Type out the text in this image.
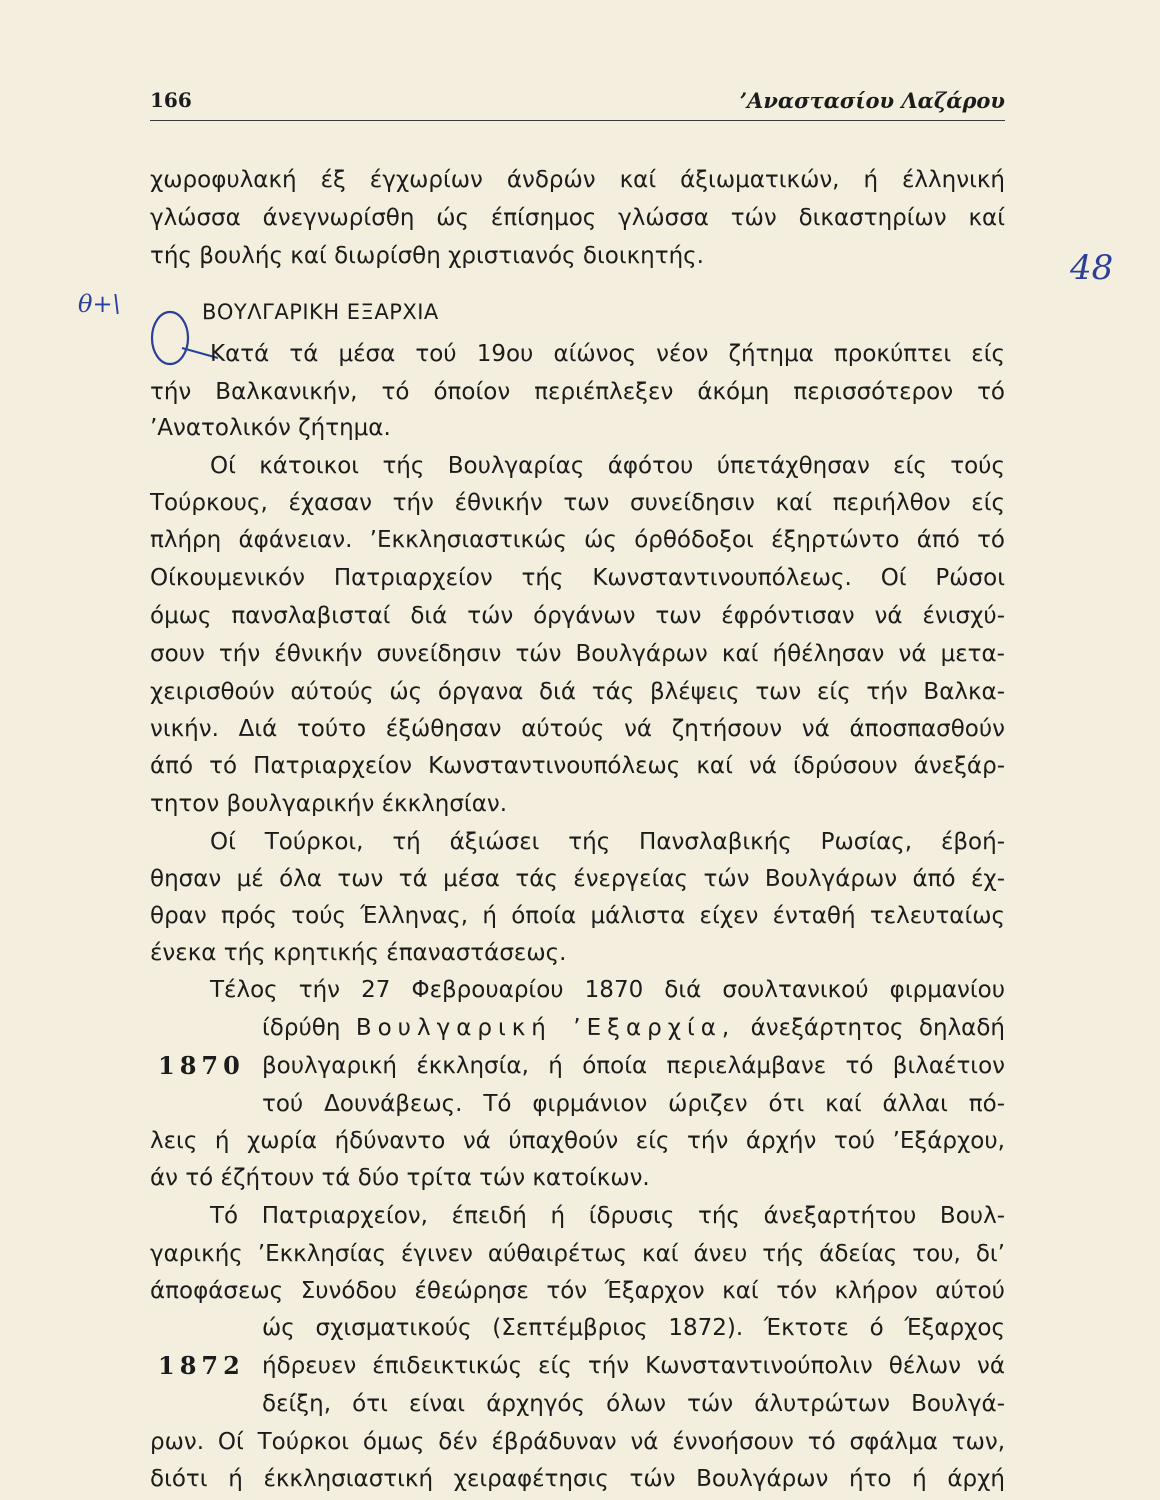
166	’Αναστασίου Λαζάρου
χωροφυλακή έξ έγχωρίων άνδρών καί άξιωματικών, ή έλληνική
γλώσσα άνεγνωρίσθη ώς έπίσημος γλώσσα τών δικαστηρίων καί
τής βουλής καί διωρίσθη χριστιανός διοικητής.	48
θ+\	ΒΟΥΛΓΑΡΙΚΗ ΕΞΑΡΧΙΑ
Κατά τά μέσα τού 19ου αίώνος νέον ζήτημα προκύπτει είς
τήν Βαλκανικήν, τό όποίον περιέπλεξεν άκόμη περισσότερον τό
’Ανατολικόν ζήτημα.
Οί κάτοικοι τής Βουλγαρίας άφότου ύπετάχθησαν είς τούς
Τούρκους, έχασαν τήν έθνικήν των συνείδησιν καί περιήλθον είς
πλήρη άφάνειαν. ’Εκκλησιαστικώς ώς όρθόδοξοι έξηρτώντο άπό τό
Οίκουμενικόν Πατριαρχείον τής Κωνσταντινουπόλεως. Οί Ρώσοι
όμως πανσλαβισταί διά τών όργάνων των έφρόντισαν νά ένισχύ-
σουν τήν έθνικήν συνείδησιν τών Βουλγάρων καί ήθέλησαν νά μετα-
χειρισθούν αύτούς ώς όργανα διά τάς βλέψεις των είς τήν Βαλκα-
νικήν. Διά τούτο έξώθησαν αύτούς νά ζητήσουν νά άποσπασθούν
άπό τό Πατριαρχείον Κωνσταντινουπόλεως καί νά ίδρύσουν άνεξάρ-
τητον βουλγαρικήν έκκλησίαν.
Οί Τούρκοι, τή άξιώσει τής Πανσλαβικής Ρωσίας, έβοή-
θησαν μέ όλα των τά μέσα τάς ένεργείας τών Βουλγάρων άπό έχ-
θραν πρός τούς Έλληνας, ή όποία μάλιστα είχεν ένταθή τελευταίως
ένεκα τής κρητικής έπαναστάσεως.
Τέλος τήν 27 Φεβρουαρίου 1870 διά σουλτανικού φιρμανίου
ίδρύθη Βουλγαρική ’Εξαρχία, άνεξάρτητος δηλαδή
1870 βουλγαρική έκκλησία, ή όποία περιελάμβανε τό βιλαέτιον
τού Δουνάβεως. Τό φιρμάνιον ώριζεν ότι καί άλλαι πό-
λεις ή χωρία ήδύναντο νά ύπαχθούν είς τήν άρχήν τού ’Εξάρχου,
άν τό έζήτουν τά δύο τρίτα τών κατοίκων.
Τό Πατριαρχείον, έπειδή ή ίδρυσις τής άνεξαρτήτου Βουλ-
γαρικής ’Εκκλησίας έγινεν αύθαιρέτως καί άνευ τής άδείας του, δι’
άποφάσεως Συνόδου έθεώρησε τόν Έξαρχον καί τόν κλήρον αύτού
ώς σχισματικούς (Σεπτέμβριος 1872). Έκτοτε ό Έξαρχος
1872 ήδρευεν έπιδεικτικώς είς τήν Κωνσταντινούπολιν θέλων νά
δείξη, ότι είναι άρχηγός όλων τών άλυτρώτων Βουλγά-
ρων. Οί Τούρκοι όμως δέν έβράδυναν νά έννοήσουν τό σφάλμα των,
διότι ή έκκλησιαστική χειραφέτησις τών Βουλγάρων ήτο ή άρχή
